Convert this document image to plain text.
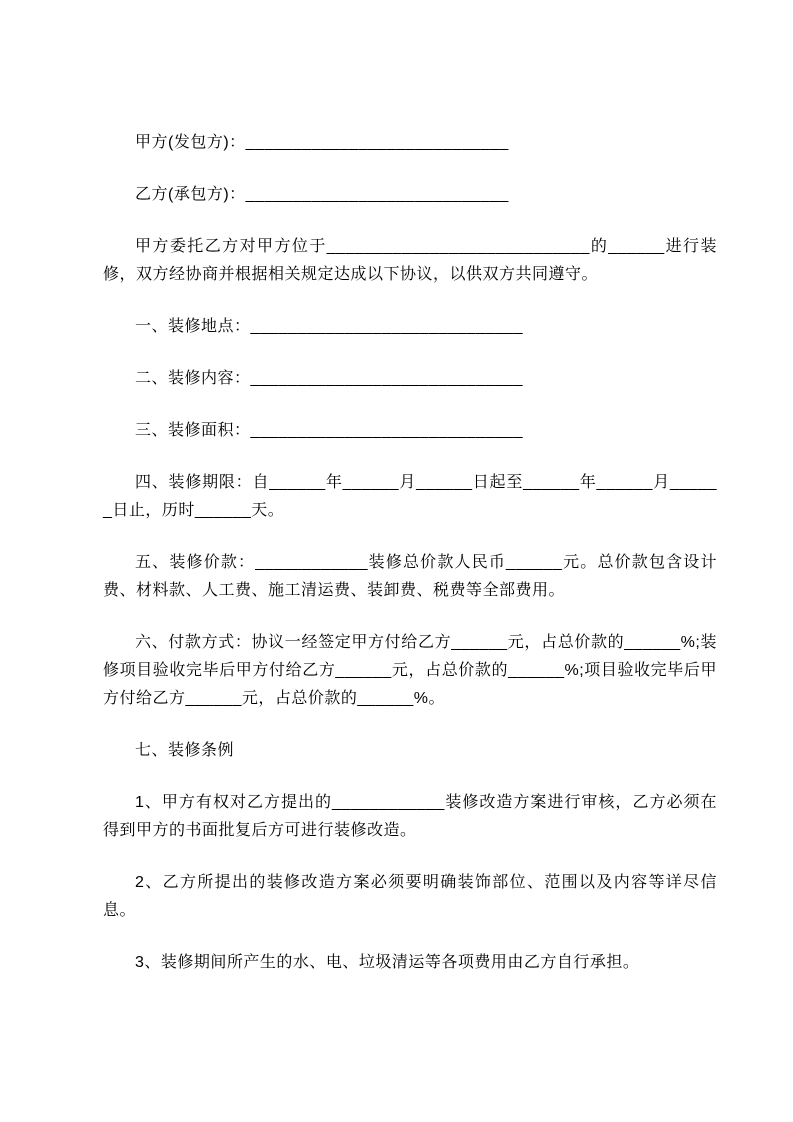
甲方(发包方)：____________________________

乙方(承包方)：____________________________

甲方委托乙方对甲方位于____________________________的______进行装修，双方经协商并根据相关规定达成以下协议，以供双方共同遵守。

一、装修地点：_____________________________

二、装修内容：_____________________________

三、装修面积：_____________________________

四、装修期限：自______年______月______日起至______年______月______日止，历时______天。

五、装修价款：____________装修总价款人民币______元。总价款包含设计费、材料款、人工费、施工清运费、装卸费、税费等全部费用。

六、付款方式：协议一经签定甲方付给乙方______元，占总价款的______%;装修项目验收完毕后甲方付给乙方______元，占总价款的______%;项目验收完毕后甲方付给乙方______元，占总价款的______%。

七、装修条例

1、甲方有权对乙方提出的____________装修改造方案进行审核，乙方必须在得到甲方的书面批复后方可进行装修改造。

2、乙方所提出的装修改造方案必须要明确装饰部位、范围以及内容等详尽信息。

3、装修期间所产生的水、电、垃圾清运等各项费用由乙方自行承担。
